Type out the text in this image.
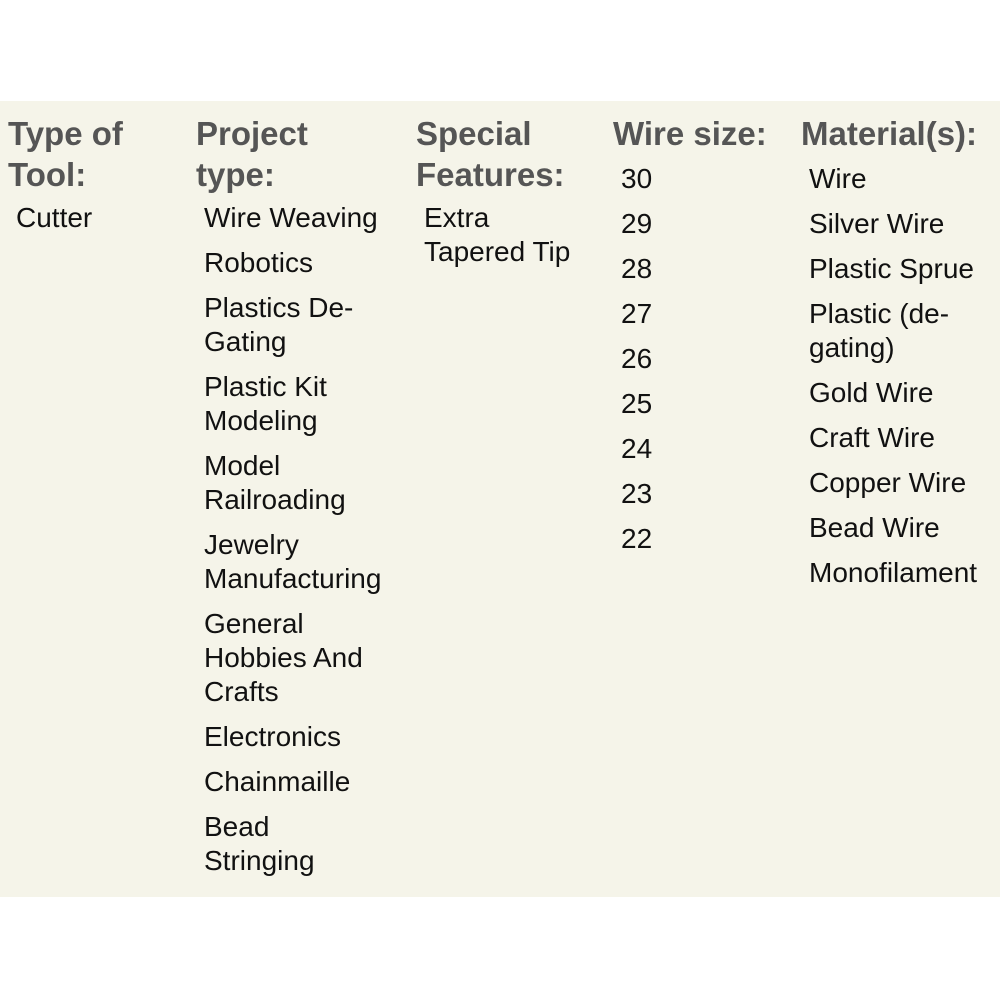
Type of
Tool:
Cutter
Project
type:
Wire Weaving
Robotics
Plastics De-
Gating
Plastic Kit
Modeling
Model
Railroading
Jewelry
Manufacturing
General
Hobbies And
Crafts
Electronics
Chainmaille
Bead
Stringing
Special
Features:
Extra
Tapered Tip
Wire size:
30
29
28
27
26
25
24
23
22
Material(s):
Wire
Silver Wire
Plastic Sprue
Plastic (de-
gating)
Gold Wire
Craft Wire
Copper Wire
Bead Wire
Monofilament
